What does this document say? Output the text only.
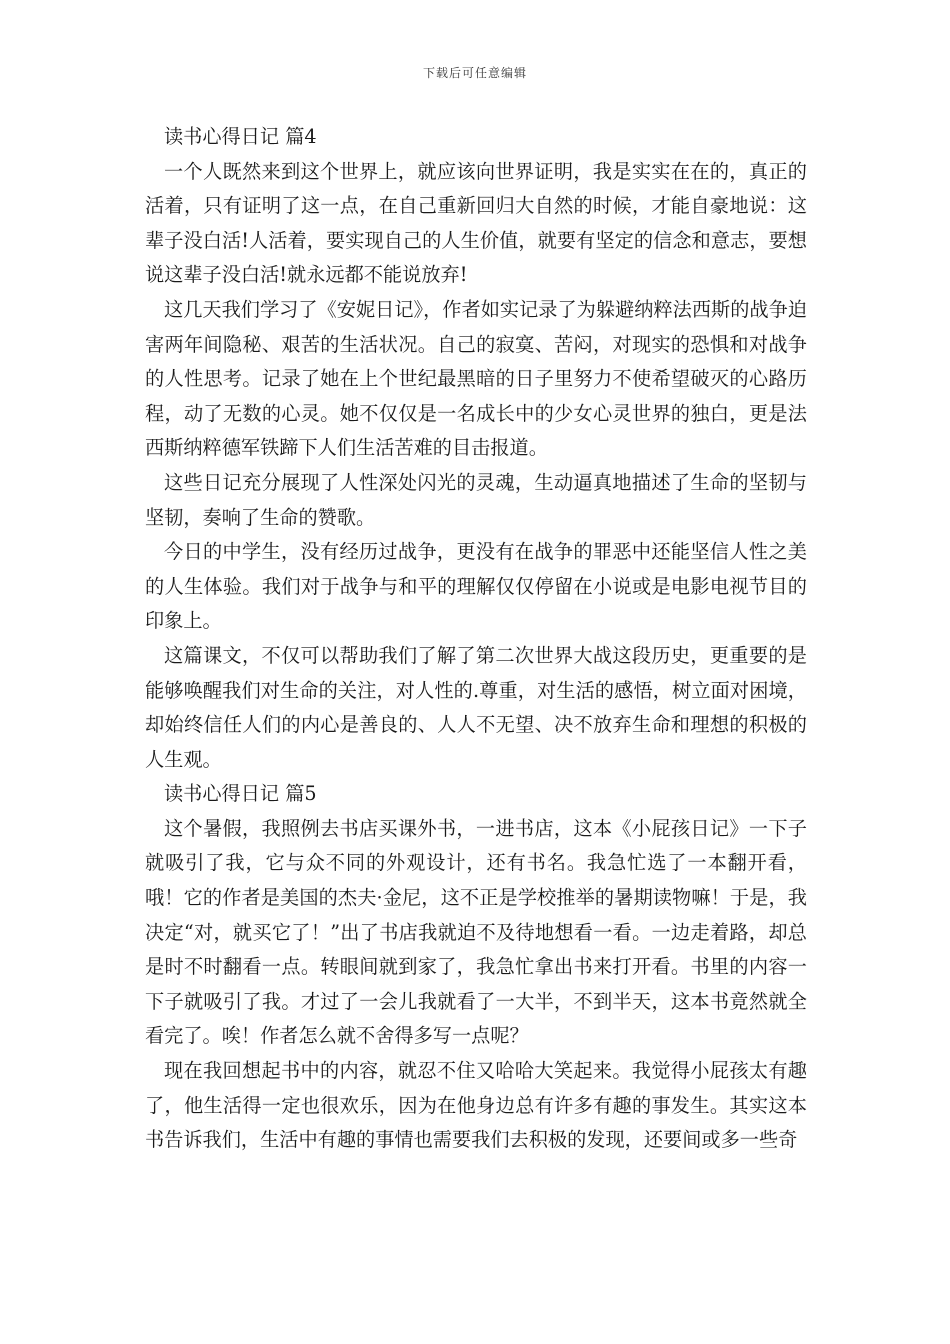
下载后可任意编辑
读书心得日记 篇4

一个人既然来到这个世界上，就应该向世界证明，我是实实在在的，真正的活着，只有证明了这一点，在自己重新回归大自然的时候，才能自豪地说：这辈子没白活!人活着，要实现自己的人生价值，就要有坚定的信念和意志，要想说这辈子没白活!就永远都不能说放弃!

这几天我们学习了《安妮日记》，作者如实记录了为躲避纳粹法西斯的战争迫害两年间隐秘、艰苦的生活状况。自己的寂寞、苦闷，对现实的恐惧和对战争的人性思考。记录了她在上个世纪最黑暗的日子里努力不使希望破灭的心路历程，动了无数的心灵。她不仅仅是一名成长中的少女心灵世界的独白，更是法西斯纳粹德军铁蹄下人们生活苦难的目击报道。

这些日记充分展现了人性深处闪光的灵魂，生动逼真地描述了生命的坚韧与坚韧，奏响了生命的赞歌。

今日的中学生，没有经历过战争，更没有在战争的罪恶中还能坚信人性之美的人生体验。我们对于战争与和平的理解仅仅停留在小说或是电影电视节目的印象上。

这篇课文，不仅可以帮助我们了解了第二次世界大战这段历史，更重要的是能够唤醒我们对生命的关注，对人性的.尊重，对生活的感悟，树立面对困境，却始终信任人们的内心是善良的、人人不无望、决不放弃生命和理想的积极的人生观。

读书心得日记 篇5

这个暑假，我照例去书店买课外书，一进书店，这本《小屁孩日记》一下子就吸引了我，它与众不同的外观设计，还有书名。我急忙选了一本翻开看，哦！它的作者是美国的杰夫·金尼，这不正是学校推举的暑期读物嘛！于是，我决定“对，就买它了！”出了书店我就迫不及待地想看一看。一边走着路，却总是时不时翻看一点。转眼间就到家了，我急忙拿出书来打开看。书里的内容一下子就吸引了我。才过了一会儿我就看了一大半，不到半天，这本书竟然就全看完了。唉！作者怎么就不舍得多写一点呢？

现在我回想起书中的内容，就忍不住又哈哈大笑起来。我觉得小屁孩太有趣了，他生活得一定也很欢乐，因为在他身边总有许多有趣的事发生。其实这本书告诉我们，生活中有趣的事情也需要我们去积极的发现，还要间或多一些奇
